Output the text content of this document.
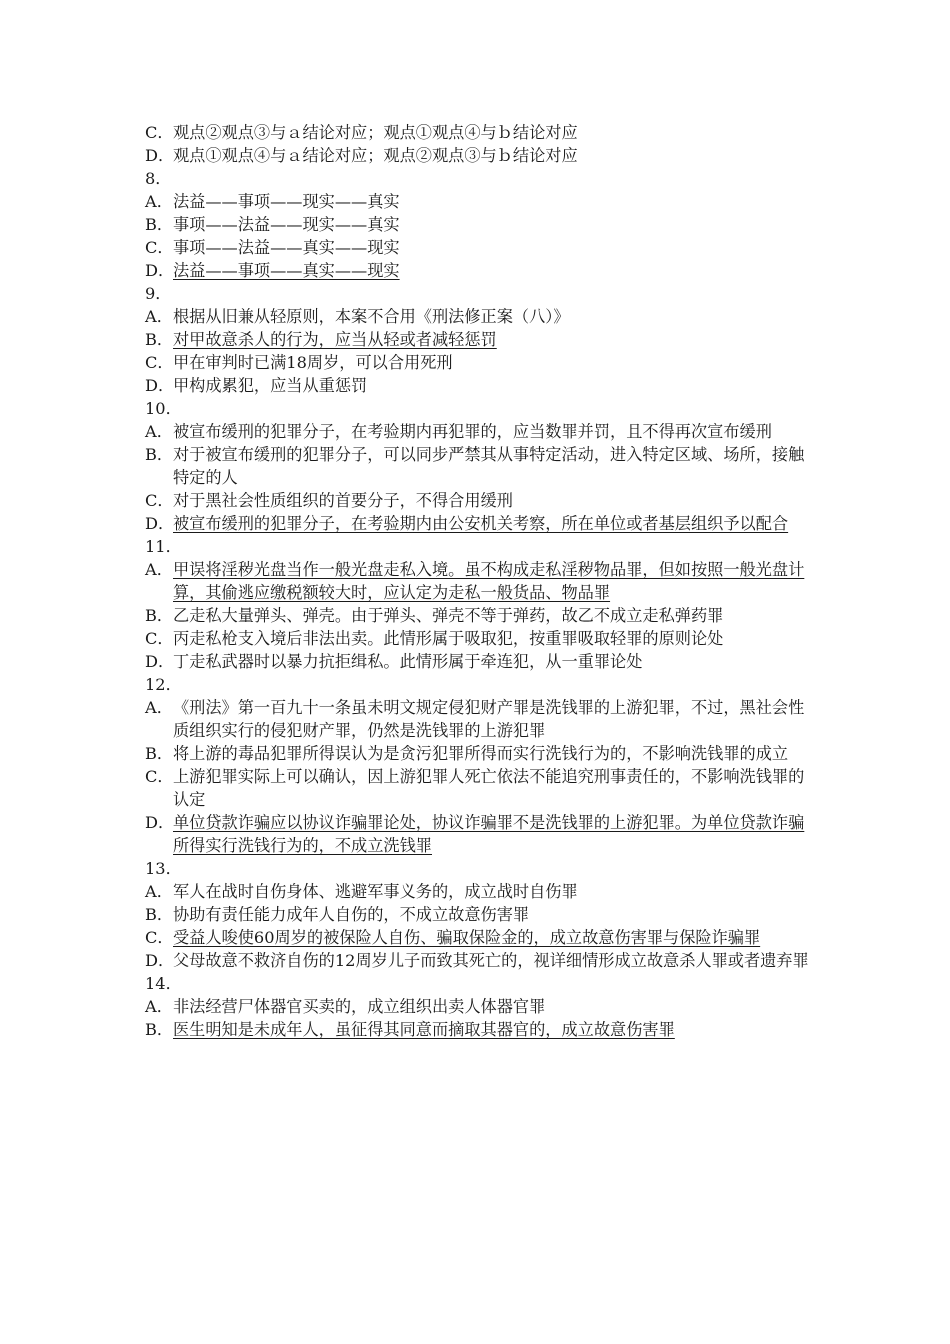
C． 观点②观点③与ａ结论对应；观点①观点④与ｂ结论对应
D．
观点①观点④与ａ结论对应；观点②观点③与ｂ结论对应
8．
A． 法益——事项——现实——真实
B． 事项——法益——现实——真实
C． 事项——法益——真实——现实
D．
法益——事项——真实——现实
9．
A． 根据从旧兼从轻原则，本案不合用《刑法修正案（八）》
B． 对甲故意杀人的行为，应当从轻或者减轻惩罚
C． 甲在审判时已满18周岁，可以合用死刑
D．
甲构成累犯，应当从重惩罚
10．
A． 被宣布缓刑的犯罪分子，在考验期内再犯罪的，应当数罪并罚，且不得再次宣布缓刑
B． 对于被宣布缓刑的犯罪分子，可以同步严禁其从事特定活动，进入特定区域、场所，接触特定的人
C． 对于黑社会性质组织的首要分子，不得合用缓刑
D．
被宣布缓刑的犯罪分子，在考验期内由公安机关考察，所在单位或者基层组织予以配合
11．
A． 甲误将淫秽光盘当作一般光盘走私入境。虽不构成走私淫秽物品罪，但如按照一般光盘计算，其偷逃应缴税额较大时，应认定为走私一般货品、物品罪
B． 乙走私大量弹头、弹壳。由于弹头、弹壳不等于弹药，故乙不成立走私弹药罪
C． 丙走私枪支入境后非法出卖。此情形属于吸取犯，按重罪吸取轻罪的原则论处
D．
丁走私武器时以暴力抗拒缉私。此情形属于牵连犯，从一重罪论处
12．
A． 《刑法》第一百九十一条虽未明文规定侵犯财产罪是洗钱罪的上游犯罪，不过，黑社会性质组织实行的侵犯财产罪，仍然是洗钱罪的上游犯罪
B． 将上游的毒品犯罪所得误认为是贪污犯罪所得而实行洗钱行为的，不影响洗钱罪的成立
C． 上游犯罪实际上可以确认，因上游犯罪人死亡依法不能追究刑事责任的，不影响洗钱罪的认定
D．
单位贷款诈骗应以协议诈骗罪论处，协议诈骗罪不是洗钱罪的上游犯罪。为单位贷款诈骗所得实行洗钱行为的，不成立洗钱罪
13．
A． 军人在战时自伤身体、逃避军事义务的，成立战时自伤罪
B． 协助有责任能力成年人自伤的，不成立故意伤害罪
C． 受益人唆使60周岁的被保险人自伤、骗取保险金的，成立故意伤害罪与保险诈骗罪
D．
父母故意不救济自伤的12周岁儿子而致其死亡的，视详细情形成立故意杀人罪或者遗弃罪
14．
A． 非法经营尸体器官买卖的，成立组织出卖人体器官罪
B． 医生明知是未成年人，虽征得其同意而摘取其器官的，成立故意伤害罪
